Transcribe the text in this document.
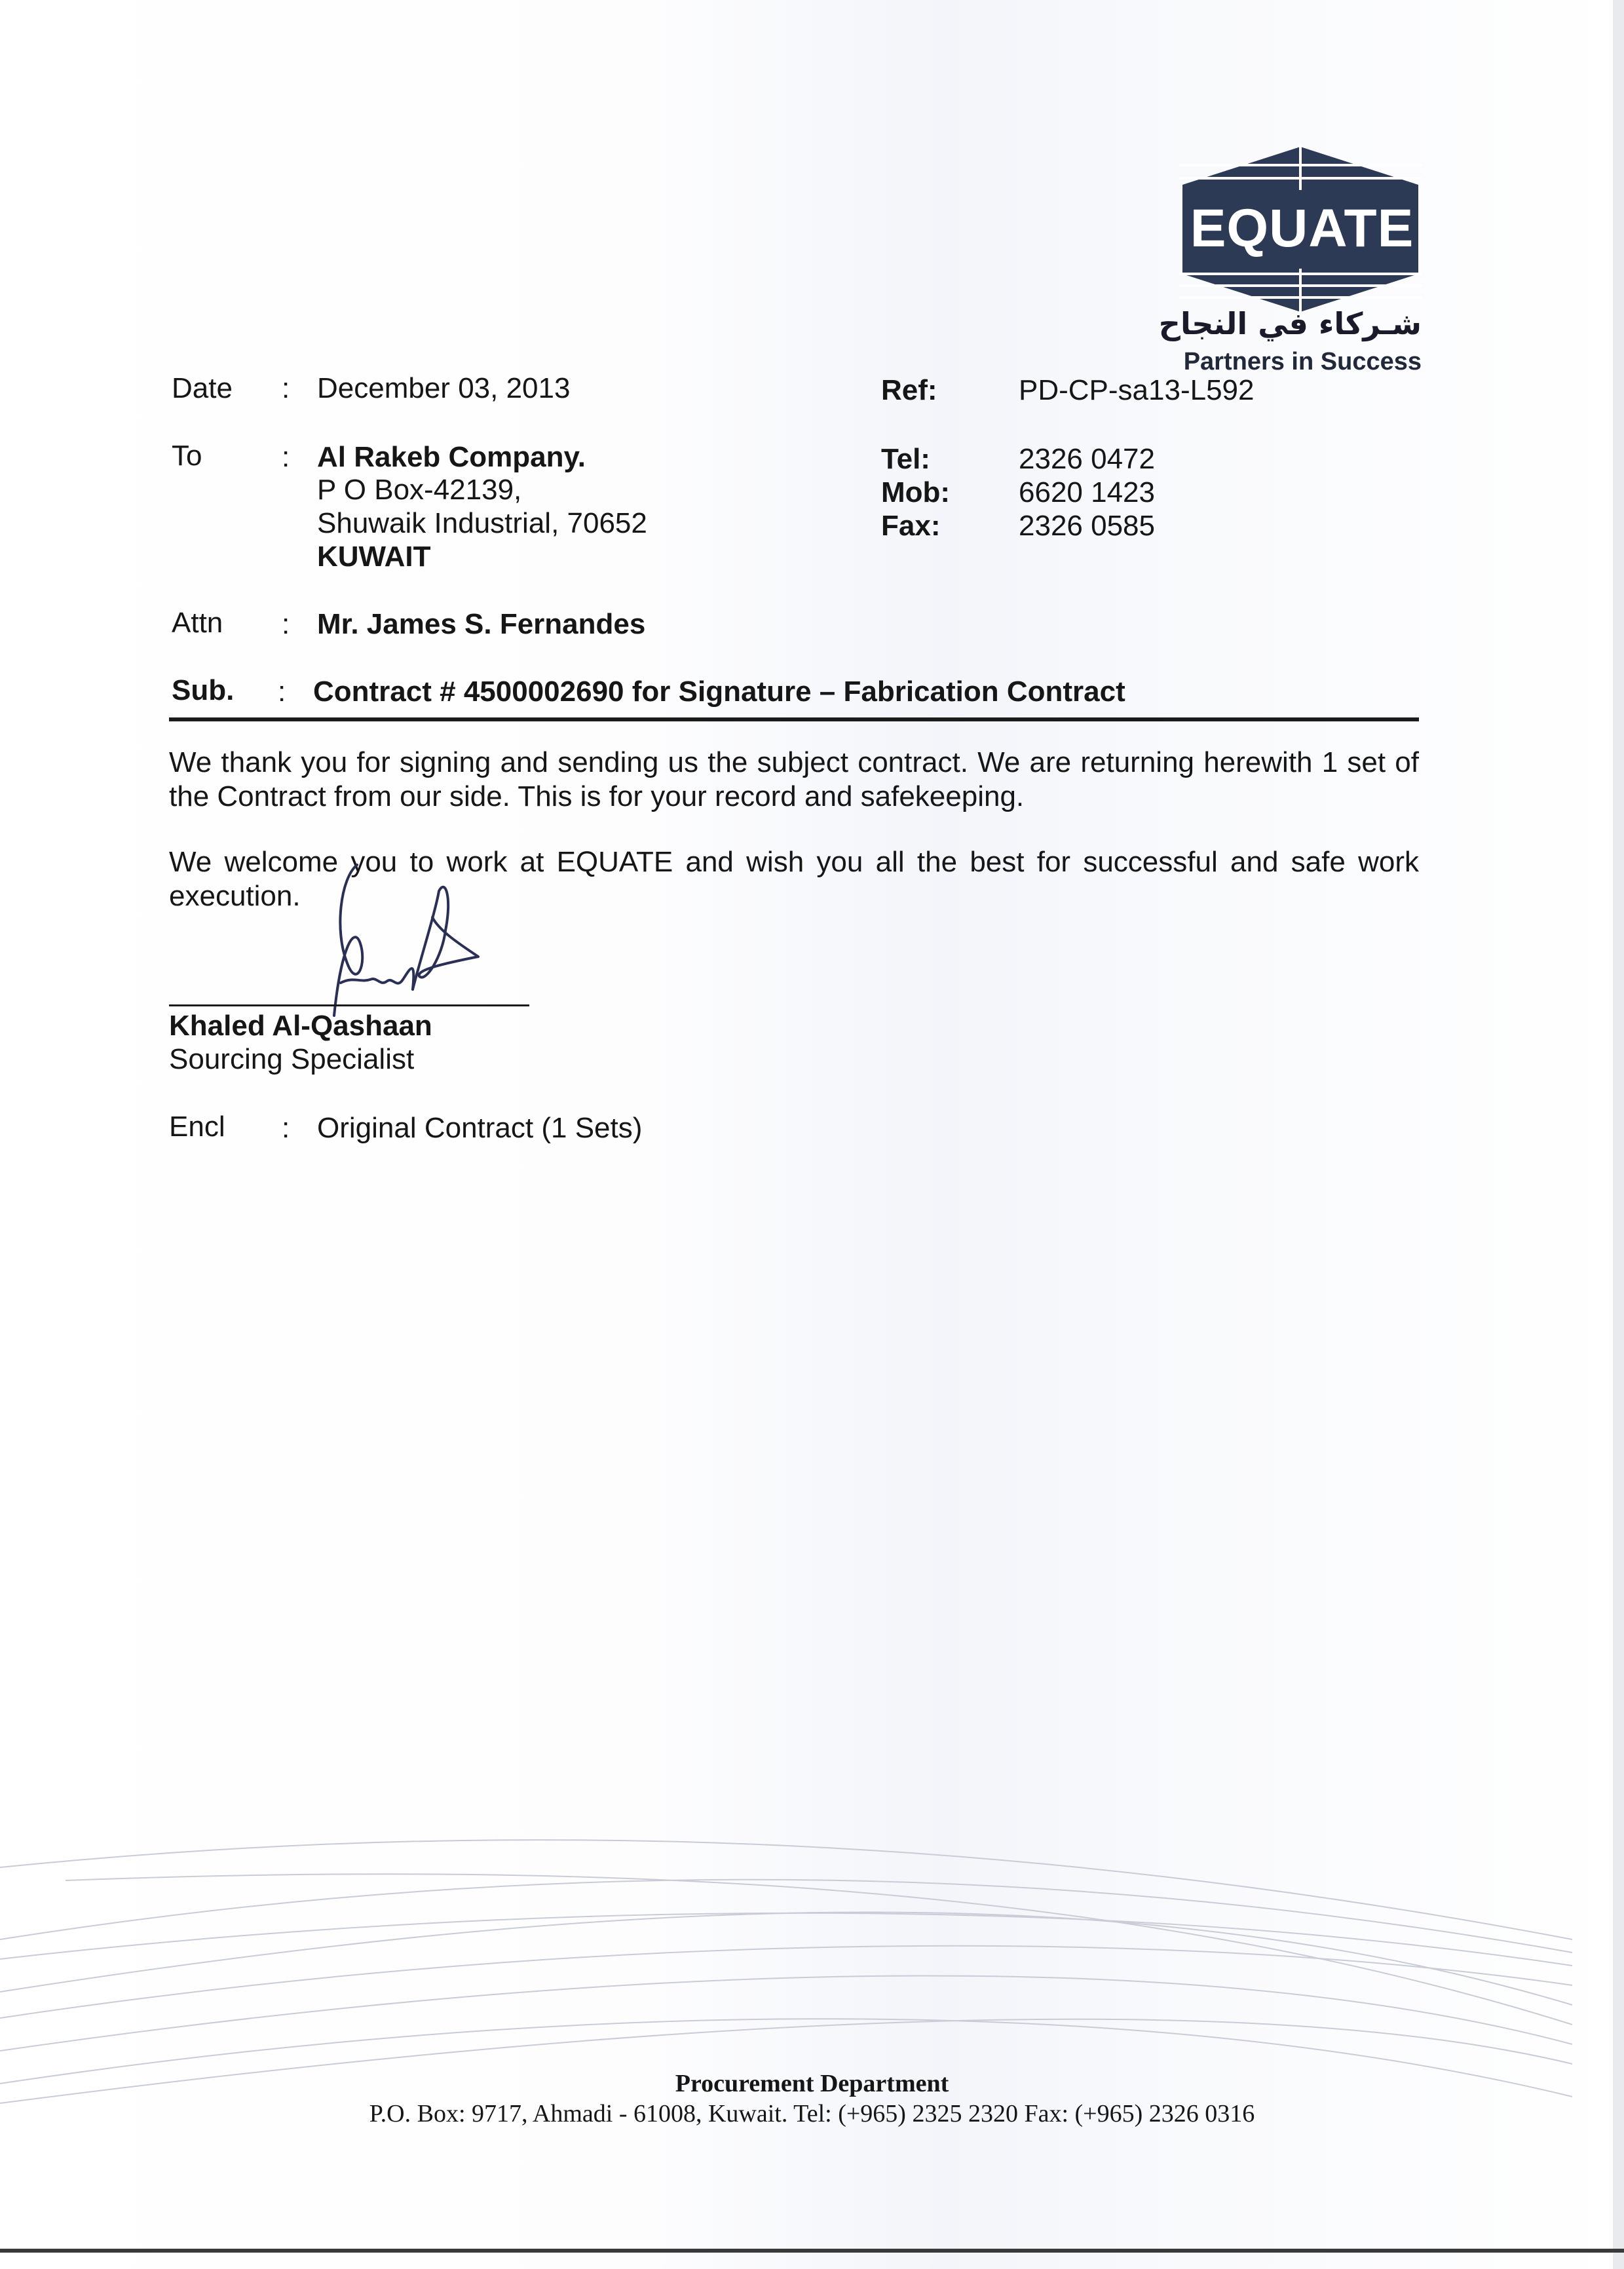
EQUATE
شـركاء في النجاح
Partners in Success
Date : December 03, 2013	Ref:	PD-CP-sa13-L592
To	: Al Rakeb Company.
P O Box-42139,
Shuwaik Industrial, 70652
KUWAIT
Tel:	2326 0472
Mob: 6620 1423
Fax:	2326 0585
Attn : Mr. James S. Fernandes
Sub. : Contract # 4500002690 for Signature – Fabrication Contract
We thank you for signing and sending us the subject contract. We are returning herewith 1 set of the Contract from our side. This is for your record and safekeeping.
We welcome you to work at EQUATE and wish you all the best for successful and safe work execution.
Khaled Al-Qashaan
Sourcing Specialist
Encl : Original Contract (1 Sets)
Procurement Department
P.O. Box: 9717, Ahmadi - 61008, Kuwait. Tel: (+965) 2325 2320 Fax: (+965) 2326 0316
